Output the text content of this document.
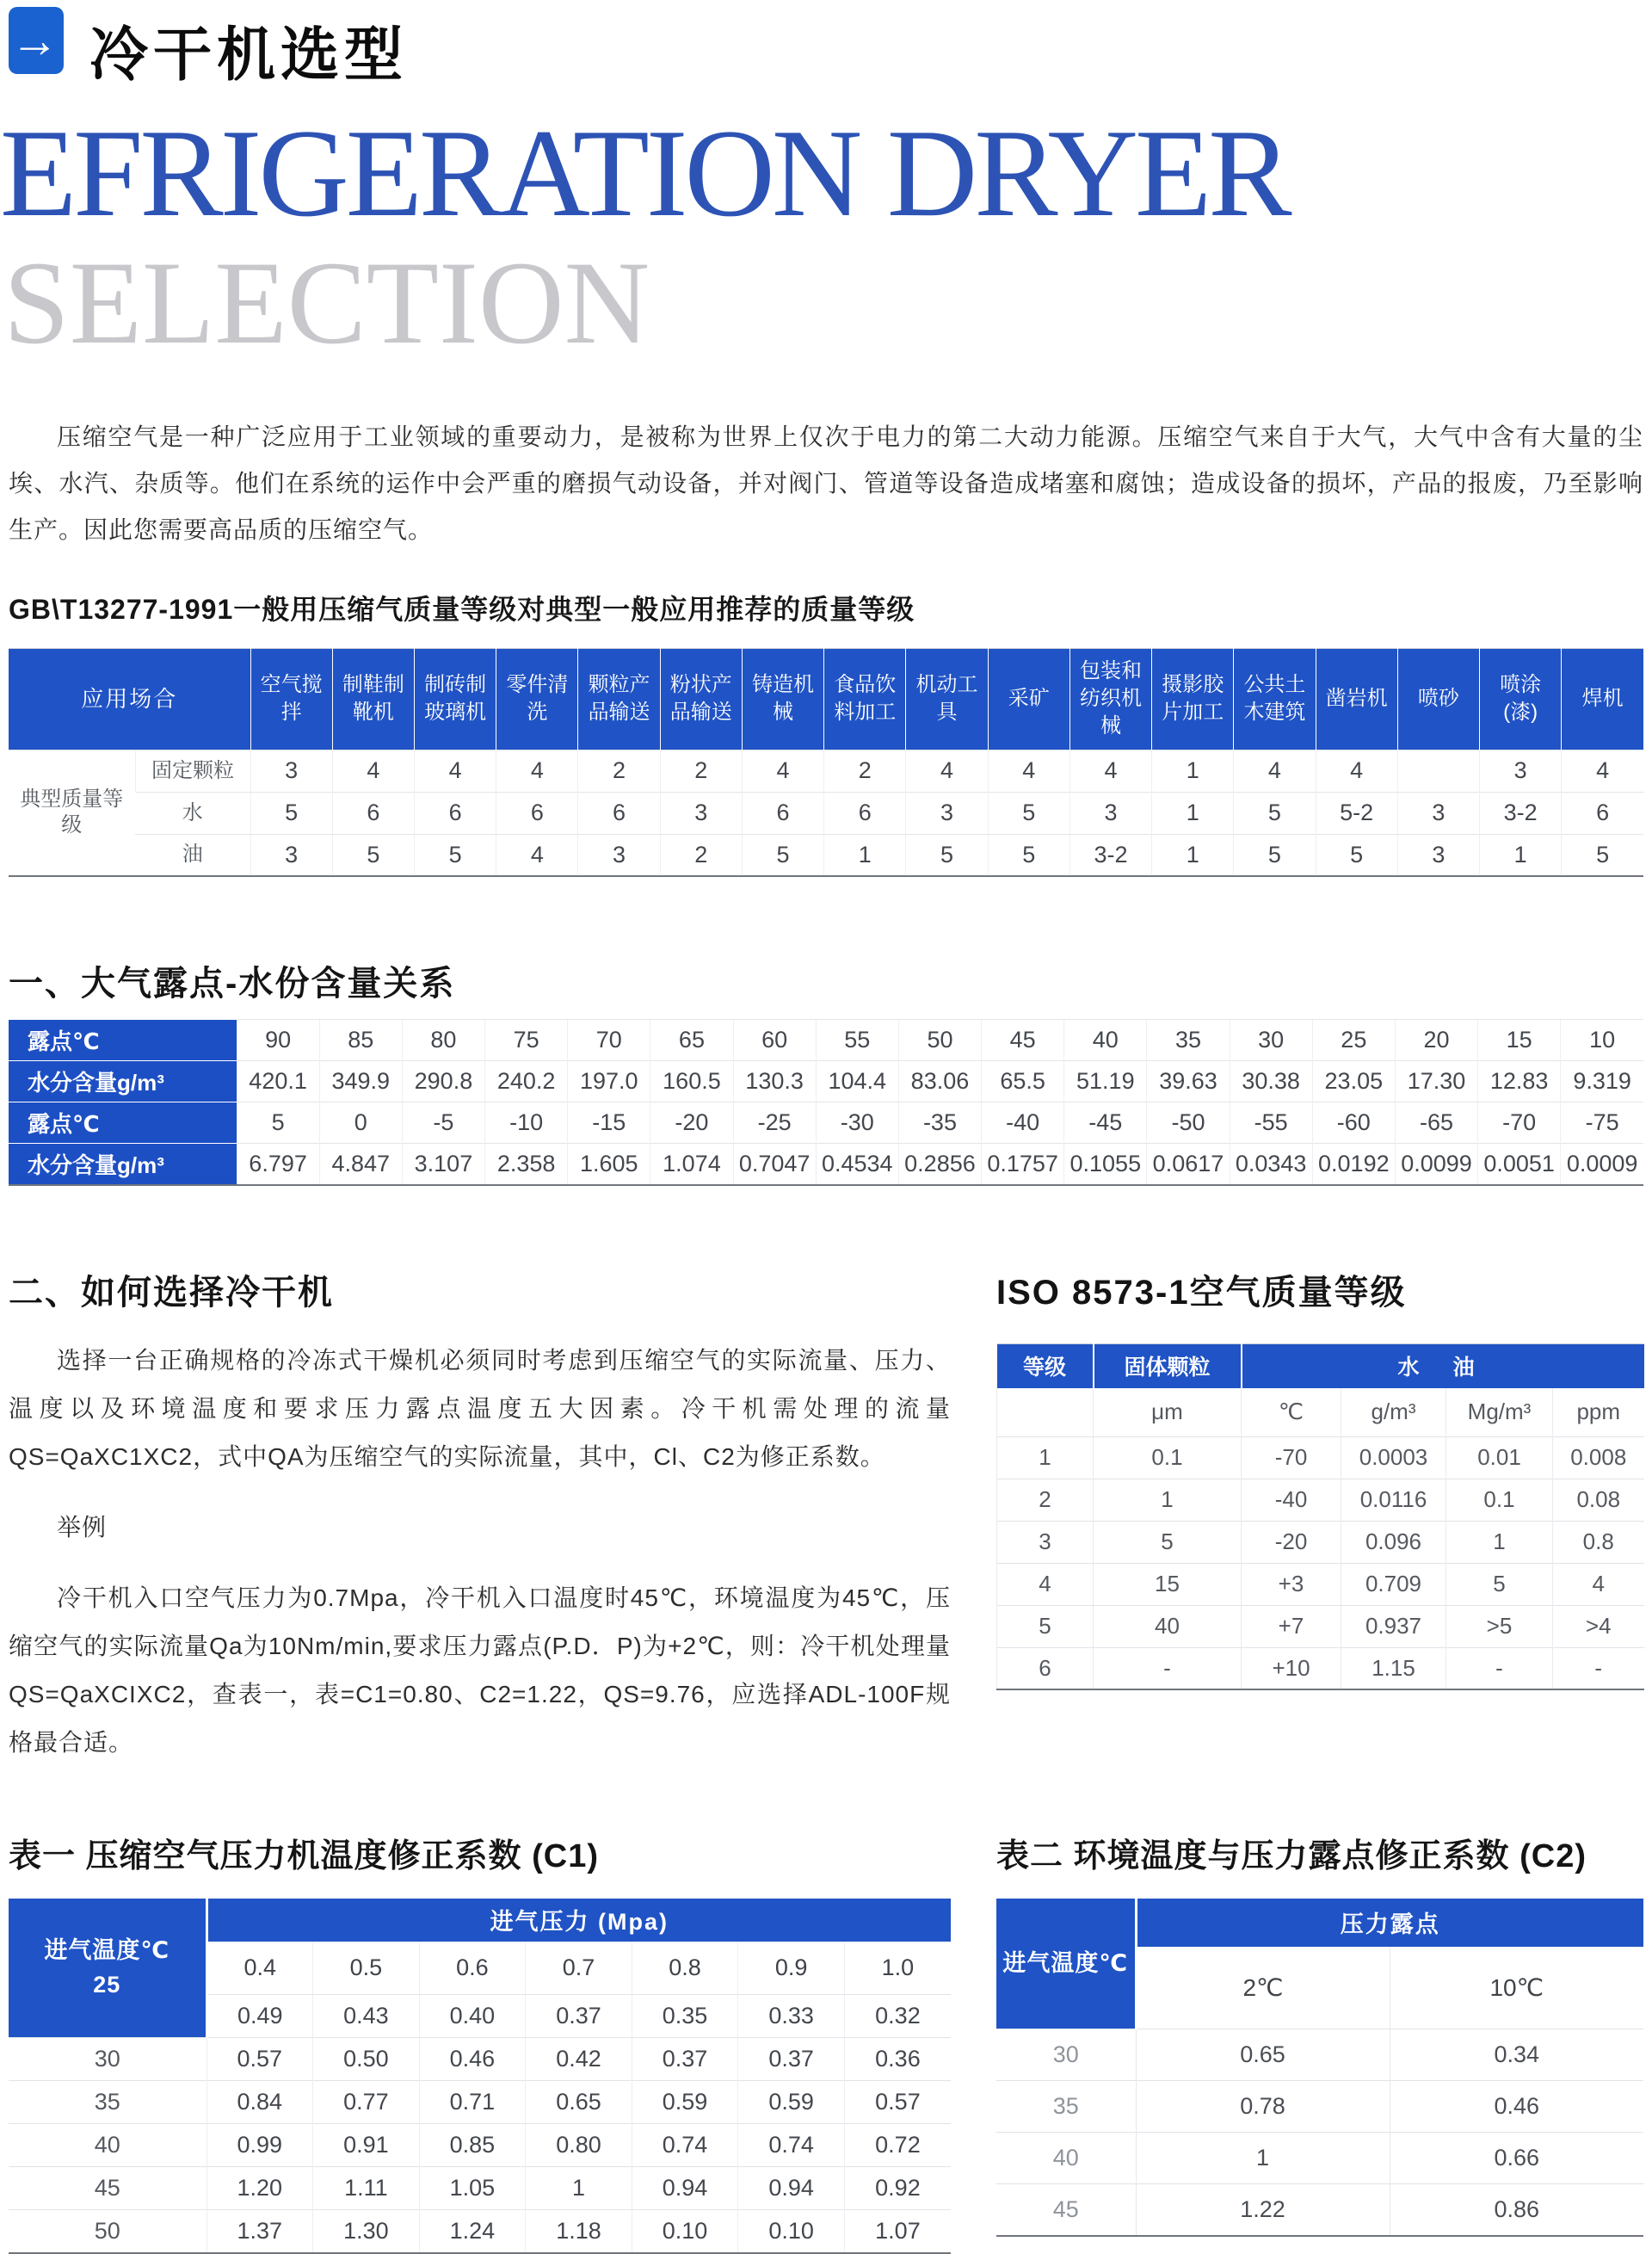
→ 冷干机选型
EFRIGERATION DRYER
SELECTION

压缩空气是一种广泛应用于工业领域的重要动力，是被称为世界上仅次于电力的第二大动力能源。压缩空气来自于大气，大气中含有大量的尘埃、水汽、杂质等。他们在系统的运作中会严重的磨损气动设备，并对阀门、管道等设备造成堵塞和腐蚀；造成设备的损坏，产品的报废，乃至影响生产。因此您需要高品质的压缩空气。

GB\T13277-1991一般用压缩气质量等级对典型一般应用推荐的质量等级
应用场合		空气搅拌	制鞋制靴机	制砖制玻璃机	零件清洗	颗粒产品输送	粉状产品输送	铸造机械	食品饮料加工	机动工具	采矿	包装和纺织机械	摄影胶片加工	公共土木建筑	凿岩机	喷砂	喷涂(漆)	焊机
典型质量等级	固定颗粒	3	4	4	4	2	2	4	2	4	4	4	1	4	4		3	4
	水	5	6	6	6	6	3	6	6	3	5	3	1	5	5-2	3	3-2	6
	油	3	5	5	4	3	2	5	1	5	5	3-2	1	5	5	3	1	5
一、大气露点-水份含量关系
露点℃	90	85	80	75	70	65	60	55	50	45	40	35	30	25	20	15	10
水分含量g/m³	420.1	349.9	290.8	240.2	197.0	160.5	130.3	104.4	83.06	65.5	51.19	39.63	30.38	23.05	17.30	12.83	9.319
露点℃	5	0	-5	-10	-15	-20	-25	-30	-35	-40	-45	-50	-55	-60	-65	-70	-75
水分含量g/m³	6.797	4.847	3.107	2.358	1.605	1.074	0.7047	0.4534	0.2856	0.1757	0.1055	0.0617	0.0343	0.0192	0.0099	0.0051	0.0009
二、如何选择冷干机

选择一台正确规格的冷冻式干燥机必须同时考虑到压缩空气的实际流量、压力、温度以及环境温度和要求压力露点温度五大因素。冷干机需处理的流量QS=QaXC1XC2，式中QA为压缩空气的实际流量，其中，Cl、C2为修正系数。

举例

冷干机入口空气压力为0.7Mpa，冷干机入口温度时45℃，环境温度为45℃，压缩空气的实际流量Qa为10Nm/min,要求压力露点(P.D．P)为+2℃，则：冷干机处理量QS=QaXCIXC2，查表一，表=C1=0.80、C2=1.22，QS=9.76，应选择ADL-100F规格最合适。

ISO 8573-1空气质量等级
等级	固体颗粒	水 油			
	μm	℃	g/m³	Mg/m³	ppm
1	0.1	-70	0.0003	0.01	0.008
2	1	-40	0.0116	0.1	0.08
3	5	-20	0.096	1	0.8
4	15	+3	0.709	5	4
5	40	+7	0.937	>5	>4
6	-	+10	1.15	-	-
表一 压缩空气压力机温度修正系数 (C1)
进气温度℃
25	进气压力 (Mpa)						
	0.4	0.5	0.6	0.7	0.8	0.9	1.0
	0.49	0.43	0.40	0.37	0.35	0.33	0.32
30	0.57	0.50	0.46	0.42	0.37	0.37	0.36
35	0.84	0.77	0.71	0.65	0.59	0.59	0.57
40	0.99	0.91	0.85	0.80	0.74	0.74	0.72
45	1.20	1.11	1.05	1	0.94	0.94	0.92
50	1.37	1.30	1.24	1.18	0.10	0.10	1.07
表二 环境温度与压力露点修正系数 (C2)
进气温度℃	压力露点	
	2℃	10℃
30	0.65	0.34
35	0.78	0.46
40	1	0.66
45	1.22	0.86
